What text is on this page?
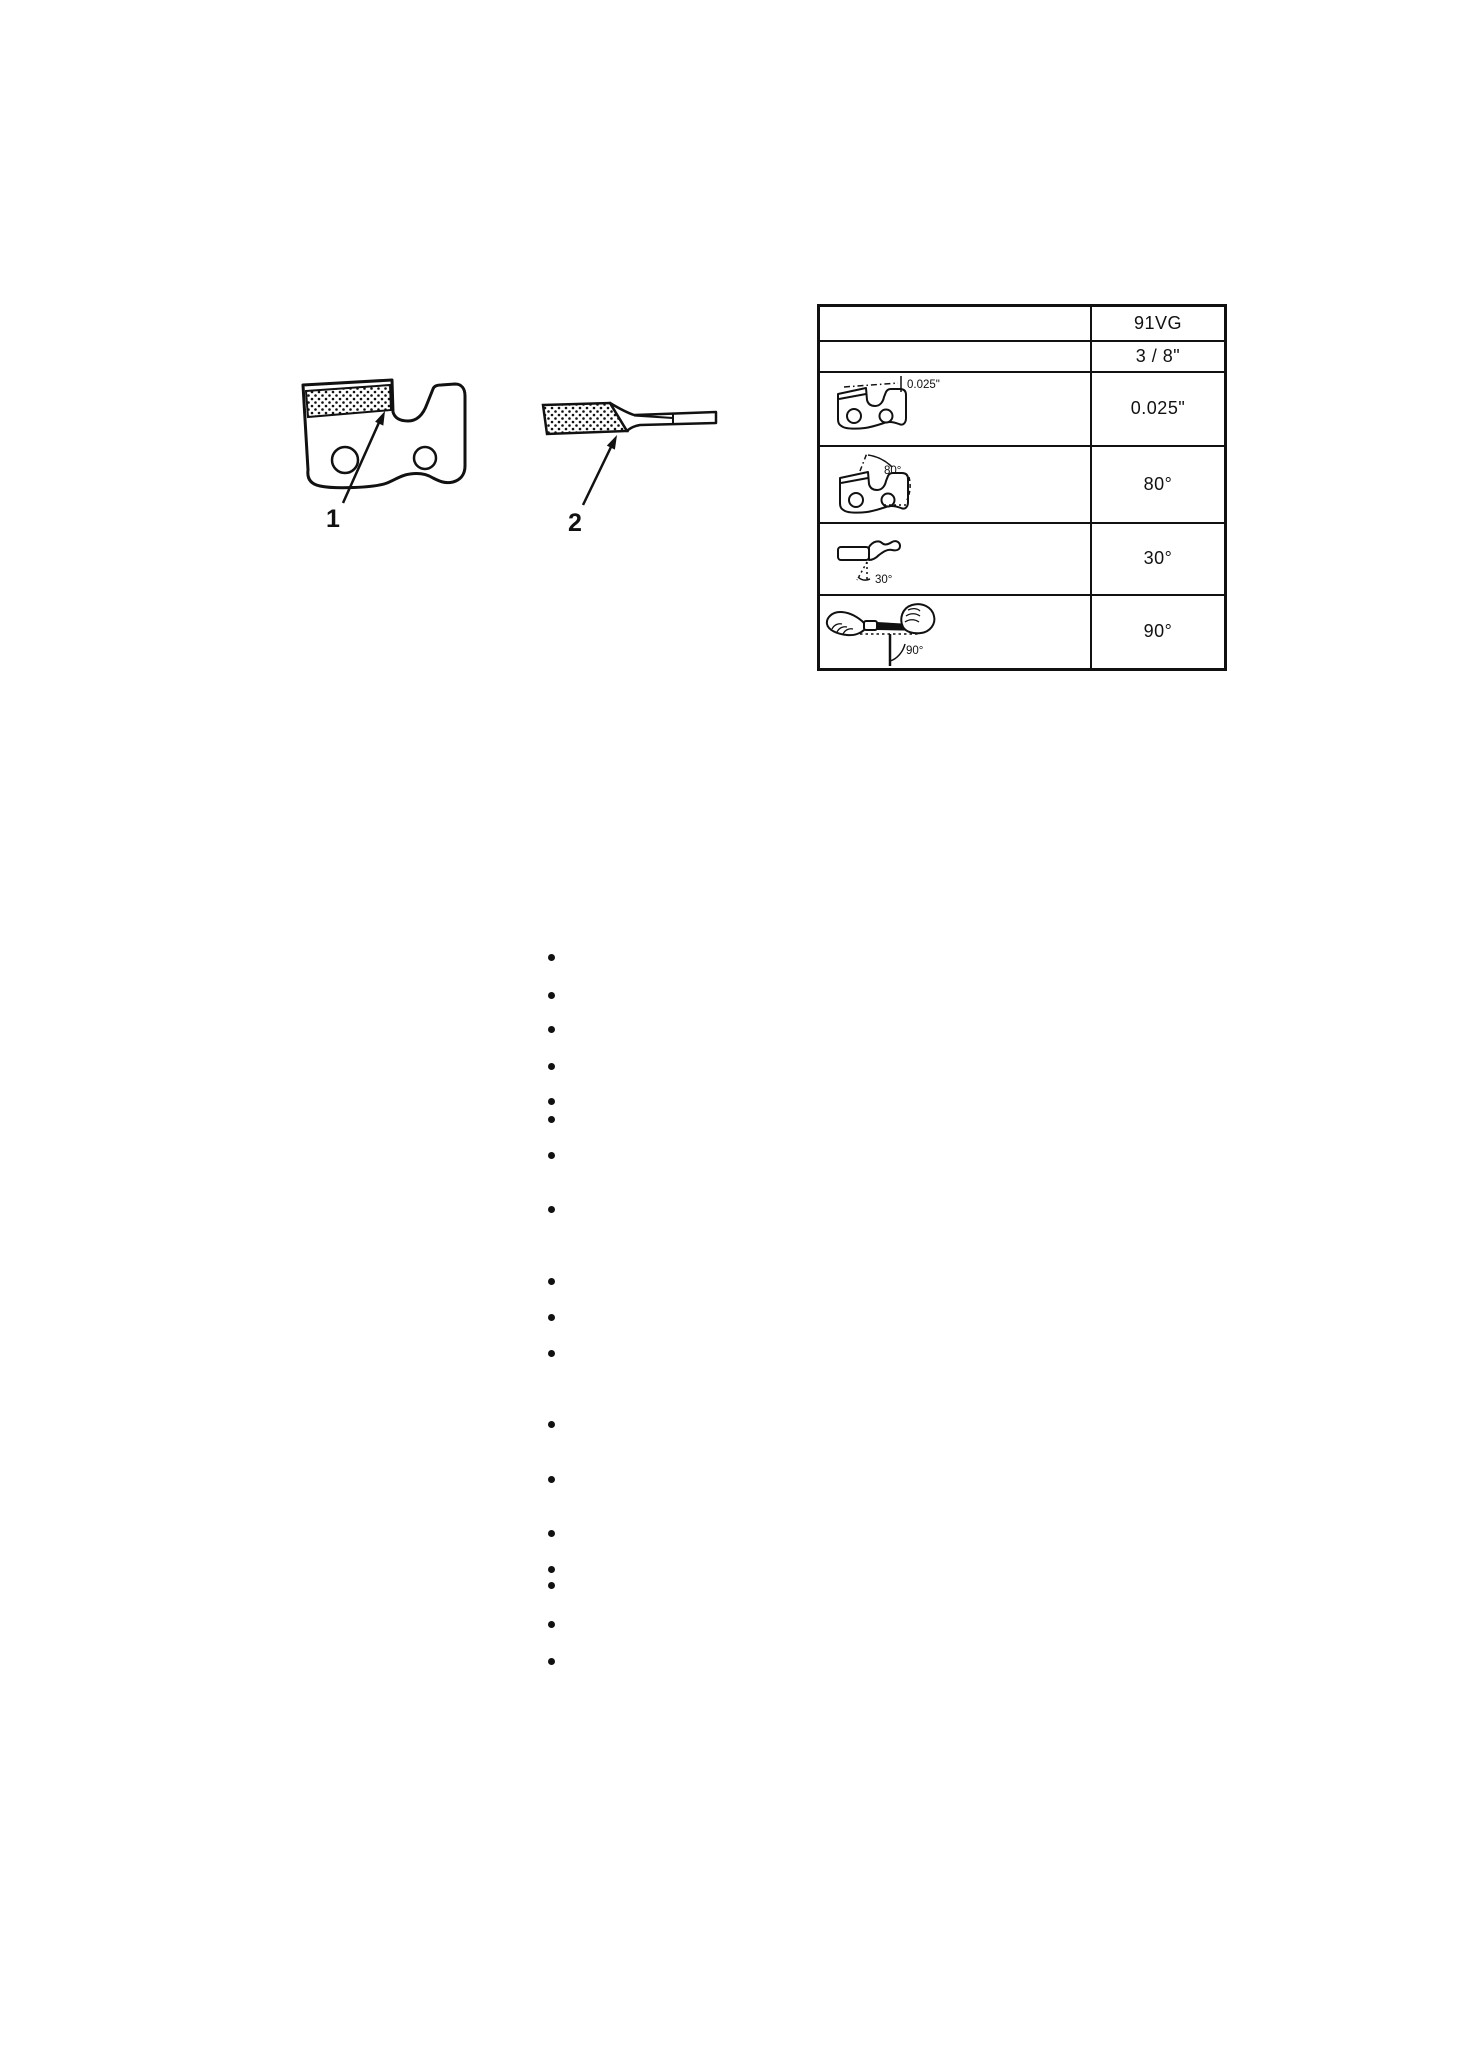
1	2
	91VG
	3 / 8"

0.025"	0.025"

80°	80°

30°	30°

90°	90°
